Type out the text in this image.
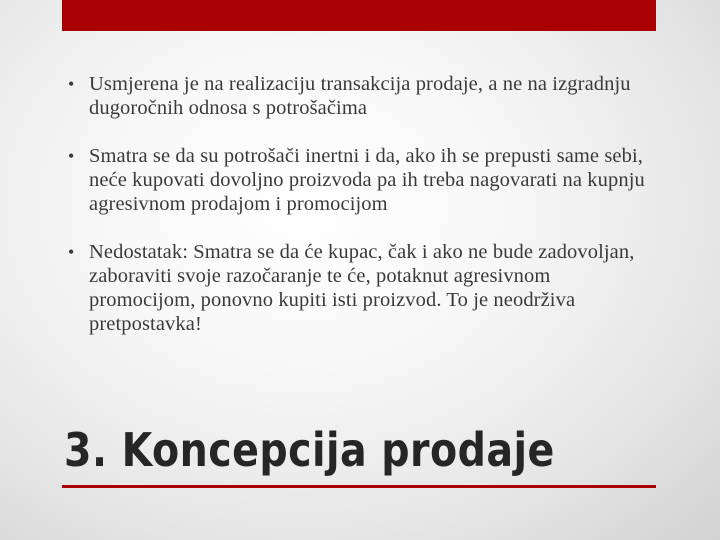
• Usmjerena je na realizaciju transakcija prodaje, a ne na izgradnju dugoročnih odnosa s potrošačima
• Smatra se da su potrošači inertni i da, ako ih se prepusti same sebi, neće kupovati dovoljno proizvoda pa ih treba nagovarati na kupnju agresivnom prodajom i promocijom
• Nedostatak: Smatra se da će kupac, čak i ako ne bude zadovoljan, zaboraviti svoje razočaranje te će, potaknut agresivnom promocijom, ponovno kupiti isti proizvod. To je neodrživa pretpostavka!
3. Koncepcija prodaje
